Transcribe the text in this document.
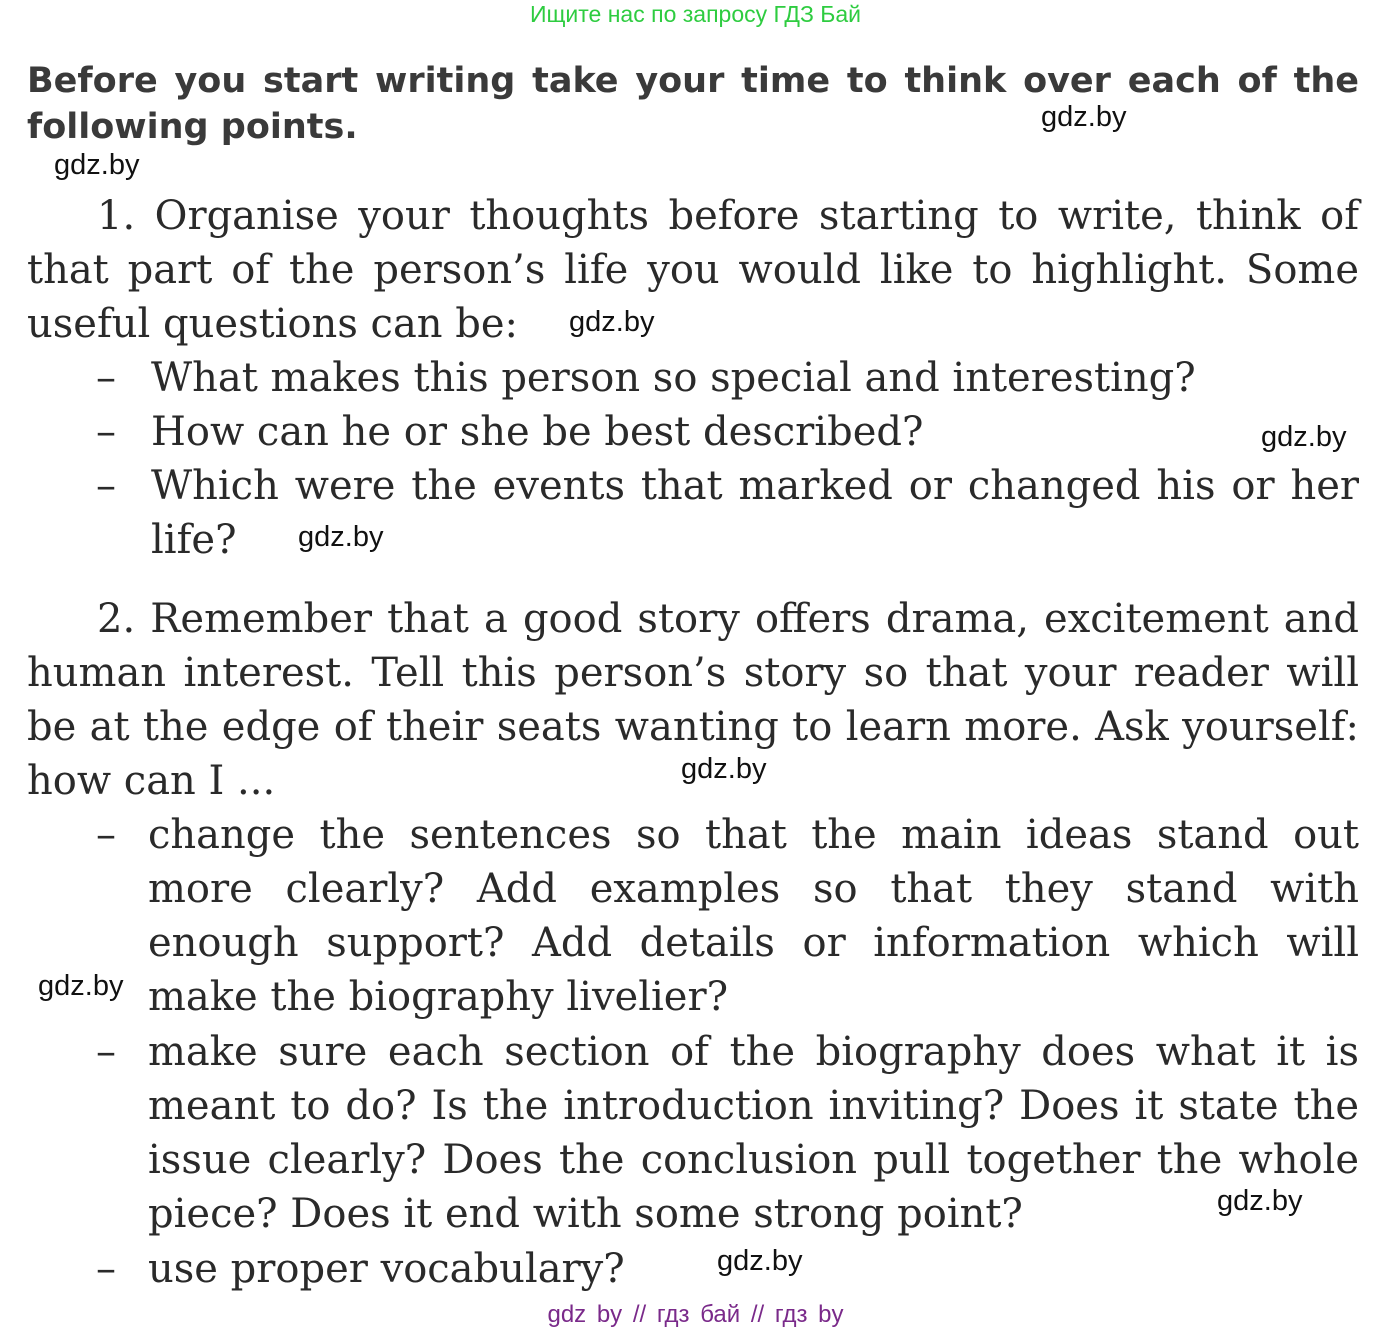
Ищите нас по запросу ГДЗ Бай
Before you start writing take your time to think over each of the following points.
1. Organise your thoughts before starting to write, think of that part of the person’s life you would like to highlight. Some useful questions can be:
– What makes this person so special and interesting?
– How can he or she be best described?
– Which were the events that marked or changed his or her life?
2. Remember that a good story offers drama, excitement and human interest. Tell this person’s story so that your reader will be at the edge of their seats wanting to learn more. Ask yourself: how can I ...
– change the sentences so that the main ideas stand out more clearly? Add examples so that they stand with enough support? Add details or information which will make the biography livelier?
– make sure each section of the biography does what it is meant to do? Is the introduction inviting? Does it state the issue clearly? Does the conclusion pull together the whole piece? Does it end with some strong point?
– use proper vocabulary?
gdz.by
gdz.by
gdz.by
gdz.by
gdz.by
gdz.by
gdz.by
gdz.by
gdz.by
gdz by // гдз бай // гдз by
